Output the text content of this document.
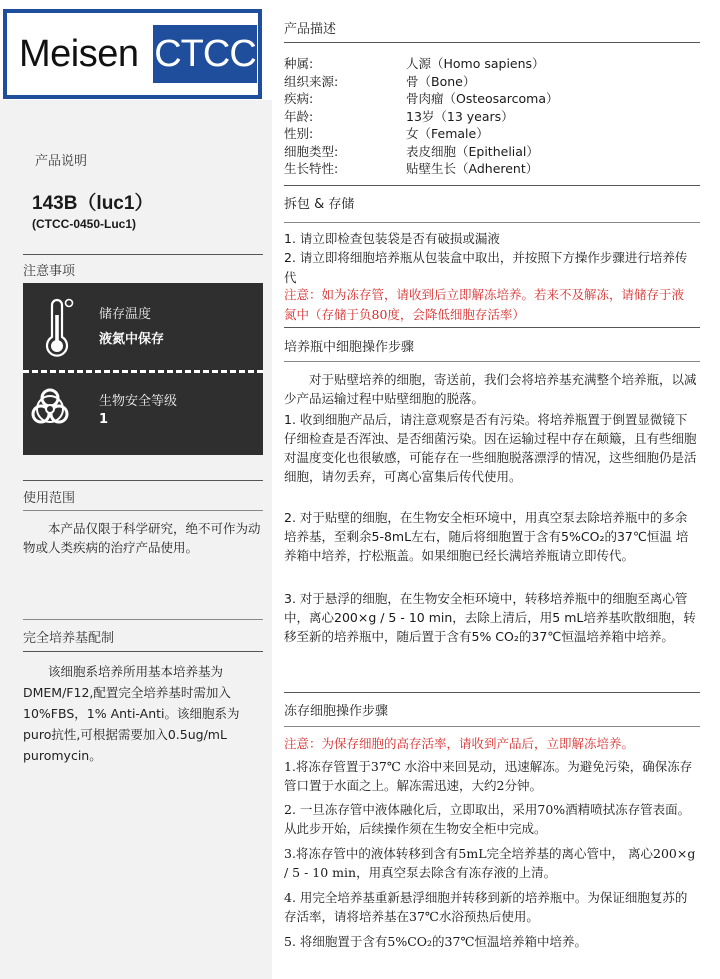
Meisen CTCC
产品说明
143B（luc1）
(CTCC-0450-Luc1)
注意事项
储存温度
液氮中保存
生物安全等级
1
使用范围
本产品仅限于科学研究，绝不可作为动物或人类疾病的治疗产品使用。
完全培养基配制
该细胞系培养所用基本培养基为DMEM/F12,配置完全培养基时需加入10%FBS，1% Anti-Anti。该细胞系为puro抗性,可根据需要加入0.5ug/mL puromycin。
产品描述
种属:	人源（Homo sapiens）
组织来源:	骨（Bone）
疾病:	骨肉瘤（Osteosarcoma）
年龄:	13岁（13 years）
性别:	女（Female）
细胞类型:	表皮细胞（Epithelial）
生长特性:	贴壁生长（Adherent）
拆包 & 存储
1. 请立即检查包装袋是否有破损或漏液
2. 请立即将细胞培养瓶从包装盒中取出，并按照下方操作步骤进行培养传代
注意：如为冻存管，请收到后立即解冻培养。若来不及解冻，请储存于液氮中（存储于负80度，会降低细胞存活率）
培养瓶中细胞操作步骤
对于贴壁培养的细胞，寄送前，我们会将培养基充满整个培养瓶，以减少产品运输过程中贴壁细胞的脱落。
1. 收到细胞产品后，请注意观察是否有污染。将培养瓶置于倒置显微镜下仔细检查是否浑浊、是否细菌污染。因在运输过程中存在颠簸，且有些细胞对温度变化也很敏感，可能存在一些细胞脱落漂浮的情况，这些细胞仍是活细胞，请勿丢弃，可离心富集后传代使用。
2. 对于贴壁的细胞，在生物安全柜环境中，用真空泵去除培养瓶中的多余培养基，至剩余5-8mL左右，随后将细胞置于含有5%CO₂的37℃恒温 培养箱中培养，拧松瓶盖。如果细胞已经长满培养瓶请立即传代。
3. 对于悬浮的细胞，在生物安全柜环境中，转移培养瓶中的细胞至离心管中，离心200×g / 5 - 10 min，去除上清后，用5 mL培养基吹散细胞，转移至新的培养瓶中，随后置于含有5% CO₂的37℃恒温培养箱中培养。
冻存细胞操作步骤
注意：为保存细胞的高存活率，请收到产品后，立即解冻培养。
1.将冻存管置于37℃ 水浴中来回晃动，迅速解冻。为避免污染，确保冻存管口置于水面之上。解冻需迅速，大约2分钟。
2. 一旦冻存管中液体融化后，立即取出，采用70%酒精喷拭冻存管表面。从此步开始，后续操作须在生物安全柜中完成。
3.将冻存管中的液体转移到含有5mL完全培养基的离心管中， 离心200×g / 5 - 10 min，用真空泵去除含有冻存液的上清。
4. 用完全培养基重新悬浮细胞并转移到新的培养瓶中。为保证细胞复苏的存活率，请将培养基在37℃水浴预热后使用。
5. 将细胞置于含有5%CO₂的37℃恒温培养箱中培养。
